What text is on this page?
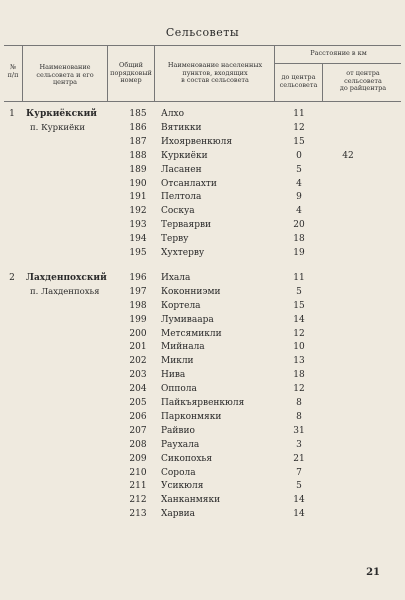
Сельсоветы
№
п/п
Наименование
сельсовета и его
центра
Общий
порядковый
номер
Наименование населенных
пунктов, входящих
в состав сельсовета
Расстояние в км
до центра
сельсовета
от центра
сельсовета
до райцентра
1 Куркиёкский	185 Алхо	11
п. Куркиёки	186 Вятикки	12
187 Ихоярвенкюля	15
188 Куркиёки	0	42
189 Ласанен	5
190 Отсанлахти	4
191 Пелтола	9
192 Соскуа	4
193 Терваярви	20
194 Терву	18
195 Хухтерву	19
2 Лахденпохский	196 Ихала	11
п. Лахденпохья	197 Коконниэми	5
198 Кортела	15
199 Лумиваара	14
200 Метсямикли	12
201 Мийнала	10
202 Микли	13
203 Нива	18
204 Оппола	12
205 Пайкъярвенкюля	8
206 Парконмяки	8
207 Райвио	31
208 Раухала	3
209 Сикопохья	21
210 Сорола	7
211 Усикюля	5
212 Ханканмяки	14
213 Харвиа	14
21
